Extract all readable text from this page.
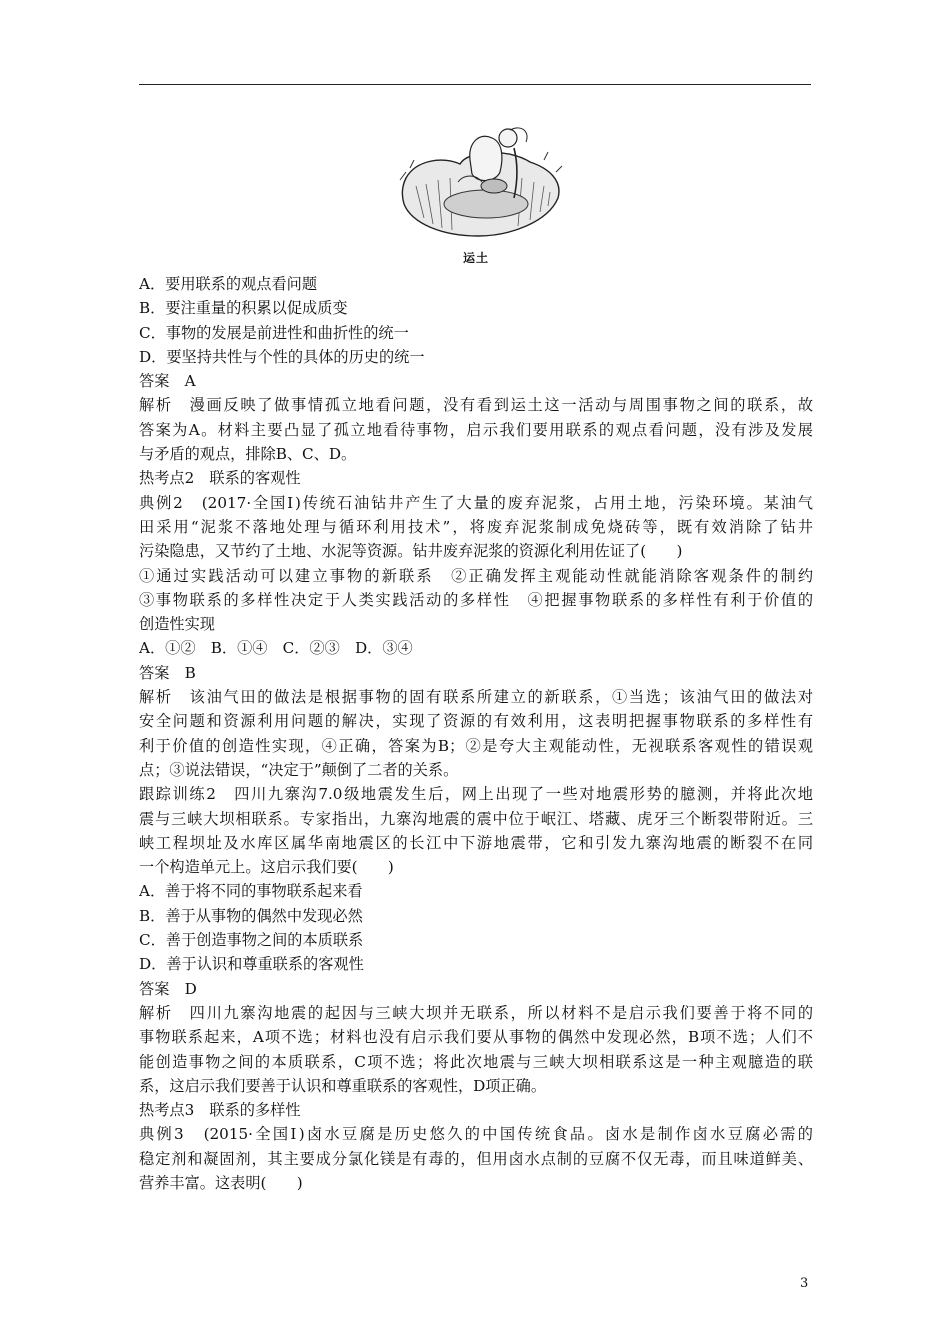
运土
A．要用联系的观点看问题
B．要注重量的积累以促成质变
C．事物的发展是前进性和曲折性的统一
D．要坚持共性与个性的具体的历史的统一
答案　A
解析　漫画反映了做事情孤立地看问题，没有看到运土这一活动与周围事物之间的联系，故
答案为A。材料主要凸显了孤立地看待事物，启示我们要用联系的观点看问题，没有涉及发展
与矛盾的观点，排除B、C、D。
热考点2　联系的客观性
典例2　(2017·全国Ⅰ)传统石油钻井产生了大量的废弃泥浆，占用土地，污染环境。某油气
田采用“泥浆不落地处理与循环利用技术”，将废弃泥浆制成免烧砖等，既有效消除了钻井
污染隐患，又节约了土地、水泥等资源。钻井废弃泥浆的资源化利用佐证了(　　)
①通过实践活动可以建立事物的新联系　②正确发挥主观能动性就能消除客观条件的制约
③事物联系的多样性决定于人类实践活动的多样性　④把握事物联系的多样性有利于价值的
创造性实现
A．①②　B．①④　C．②③　D．③④
答案　B
解析　该油气田的做法是根据事物的固有联系所建立的新联系，①当选；该油气田的做法对
安全问题和资源利用问题的解决，实现了资源的有效利用，这表明把握事物联系的多样性有
利于价值的创造性实现，④正确，答案为B；②是夸大主观能动性，无视联系客观性的错误观
点；③说法错误，“决定于”颠倒了二者的关系。
跟踪训练2　四川九寨沟7.0级地震发生后，网上出现了一些对地震形势的臆测，并将此次地
震与三峡大坝相联系。专家指出，九寨沟地震的震中位于岷江、塔藏、虎牙三个断裂带附近。三
峡工程坝址及水库区属华南地震区的长江中下游地震带，它和引发九寨沟地震的断裂不在同
一个构造单元上。这启示我们要(　　)
A．善于将不同的事物联系起来看
B．善于从事物的偶然中发现必然
C．善于创造事物之间的本质联系
D．善于认识和尊重联系的客观性
答案　D
解析　四川九寨沟地震的起因与三峡大坝并无联系，所以材料不是启示我们要善于将不同的
事物联系起来，A项不选；材料也没有启示我们要从事物的偶然中发现必然，B项不选；人们不
能创造事物之间的本质联系，C项不选；将此次地震与三峡大坝相联系这是一种主观臆造的联
系，这启示我们要善于认识和尊重联系的客观性，D项正确。
热考点3　联系的多样性
典例3　(2015·全国Ⅰ)卤水豆腐是历史悠久的中国传统食品。卤水是制作卤水豆腐必需的
稳定剂和凝固剂，其主要成分氯化镁是有毒的，但用卤水点制的豆腐不仅无毒，而且味道鲜美、
营养丰富。这表明(　　)
3
